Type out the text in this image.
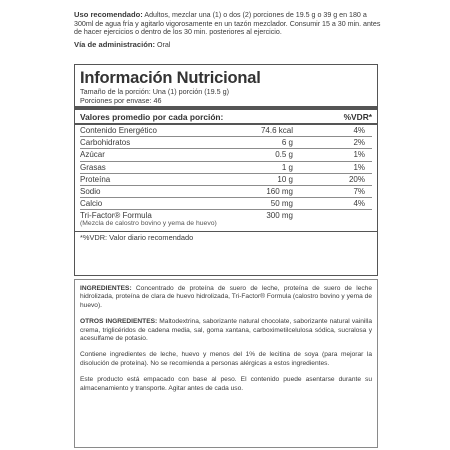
Uso recomendado: Adultos, mezclar una (1) o dos (2) porciones de 19.5 g o 39 g en 180 a 300ml de agua fría y agitarlo vigorosamente en un tazón mezclador. Consumir 15 a 30 min. antes de hacer ejercicios o dentro de los 30 min. posteriores al ejercicio.
Vía de administración: Oral
Información Nutricional
Tamaño de la porción: Una (1) porción (19.5 g)
Porciones por envase: 46
Valores promedio por cada porción:	%VDR*
Contenido Energético	74.6 kcal	4%
Carbohidratos	6 g	2%
Azúcar	0.5 g	1%
Grasas	1 g	1%
Proteína	10 g	20%
Sodio	160 mg	7%
Calcio	50 mg	4%
Tri-Factor® Formula	300 mg
(Mezcla de calostro bovino y yema de huevo)
*%VDR: Valor diario recomendado

INGREDIENTES: Concentrado de proteína de suero de leche, proteína de suero de leche hidrolizada, proteína de clara de huevo hidrolizada, Tri-Factor® Formula (calostro bovino y yema de huevo).

OTROS INGREDIENTES: Maltodextrina, saborizante natural chocolate, saborizante natural vainilla crema, triglicéridos de cadena media, sal, goma xantana, carboximetilcelulosa sódica, sucralosa y acesulfame de potasio.

Contiene ingredientes de leche, huevo y menos del 1% de lecitina de soya (para mejorar la disolución de proteína). No se recomienda a personas alérgicas a estos ingredientes.

Este producto está empacado con base al peso. El contenido puede asentarse durante su almacenamiento y transporte. Agitar antes de cada uso.
